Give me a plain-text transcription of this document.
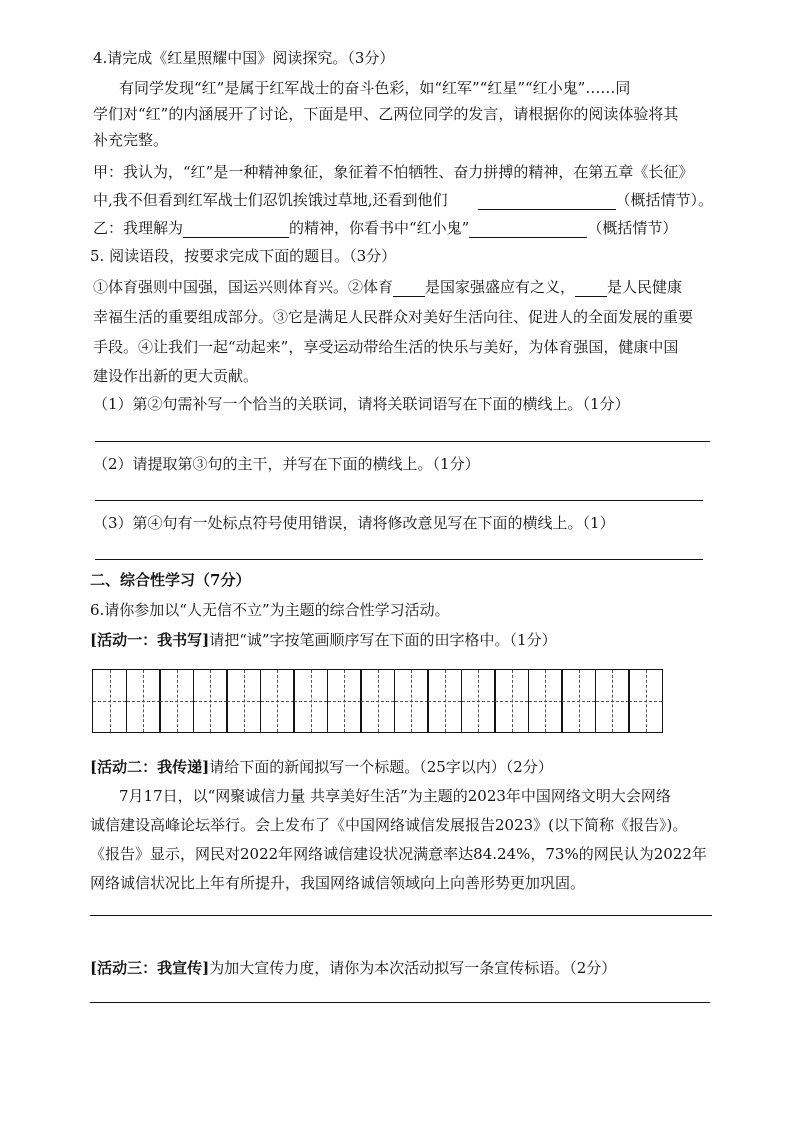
4.请完成《红星照耀中国》阅读探究。（3分）
有同学发现“红”是属于红军战士的奋斗色彩，如“红军”“红星”“红小鬼”……同
学们对“红”的内涵展开了讨论，下面是甲、乙两位同学的发言，请根据你的阅读体验将其
补充完整。
甲：我认为，“红”是一种精神象征，象征着不怕牺牲、奋力拼搏的精神，在第五章《长征》
中,我不但看到红军战士们忍饥挨饿过草地,还看到他们	（概括情节）。
乙：我理解为	的精神，你看书中“红小鬼”	（概括情节）
5. 阅读语段，按要求完成下面的题目。（3分）
①体育强则中国强，国运兴则体育兴。②体育 是国家强盛应有之义， 是人民健康
幸福生活的重要组成部分。③它是满足人民群众对美好生活向往、促进人的全面发展的重要
手段。④让我们一起“动起来”，享受运动带给生活的快乐与美好，为体育强国，健康中国
建设作出新的更大贡献。
（1）第②句需补写一个恰当的关联词，请将关联词语写在下面的横线上。（1分）
（2）请提取第③句的主干，并写在下面的横线上。（1分）
（3）第④句有一处标点符号使用错误，请将修改意见写在下面的横线上。（1）
二、综合性学习（7分）
6.请你参加以“人无信不立”为主题的综合性学习活动。
[活动一：我书写]请把“诚”字按笔画顺序写在下面的田字格中。（1分）
[活动二：我传递]请给下面的新闻拟写一个标题。（25字以内）（2分）
7月17日，以“网聚诚信力量 共享美好生活”为主题的2023年中国网络文明大会网络
诚信建设高峰论坛举行。会上发布了《中国网络诚信发展报告2023》(以下简称《报告》)。
《报告》显示，网民对2022年网络诚信建设状况满意率达84.24%，73%的网民认为2022年
网络诚信状况比上年有所提升，我国网络诚信领域向上向善形势更加巩固。
[活动三：我宣传]为加大宣传力度，请你为本次活动拟写一条宣传标语。（2分）
